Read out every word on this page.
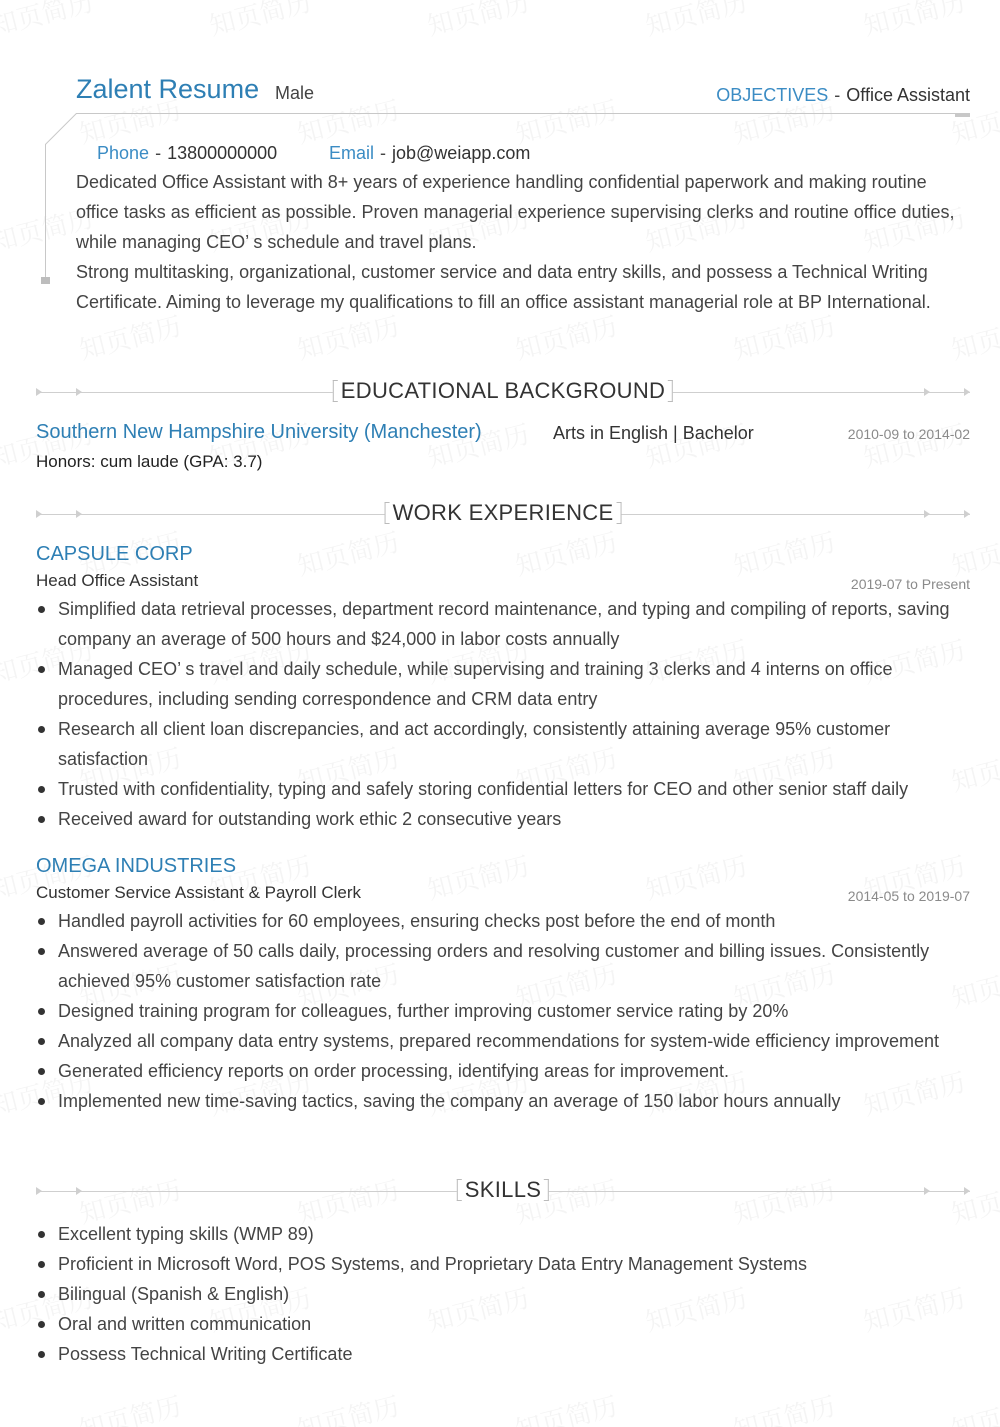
Zalent Resume Male	OBJECTIVES - Office Assistant
Phone - 13800000000	Email - job@weiapp.com

Dedicated Office Assistant with 8+ years of experience handling confidential paperwork and making routine office tasks as efficient as possible. Proven managerial experience supervising clerks and routine office duties, while managing CEO’ s schedule and travel plans.

Strong multitasking, organizational, customer service and data entry skills, and possess a Technical Writing Certificate. Aiming to leverage my qualifications to fill an office assistant managerial role at BP International.

EDUCATIONAL BACKGROUND
Southern New Hampshire University (Manchester)	Arts in English | Bachelor	2010-09 to 2014-02
Honors: cum laude (GPA: 3.7)
WORK EXPERIENCE
CAPSULE CORP
Head Office Assistant	2019-07 to Present
Simplified data retrieval processes, department record maintenance, and typing and compiling of reports, saving company an average of 500 hours and $24,000 in labor costs annually
Managed CEO’ s travel and daily schedule, while supervising and training 3 clerks and 4 interns on office procedures, including sending correspondence and CRM data entry
Research all client loan discrepancies, and act accordingly, consistently attaining average 95% customer satisfaction
Trusted with confidentiality, typing and safely storing confidential letters for CEO and other senior staff daily
Received award for outstanding work ethic 2 consecutive years
OMEGA INDUSTRIES
Customer Service Assistant & Payroll Clerk	2014-05 to 2019-07
Handled payroll activities for 60 employees, ensuring checks post before the end of month
Answered average of 50 calls daily, processing orders and resolving customer and billing issues. Consistently achieved 95% customer satisfaction rate
Designed training program for colleagues, further improving customer service rating by 20%
Analyzed all company data entry systems, prepared recommendations for system-wide efficiency improvement
Generated efficiency reports on order processing, identifying areas for improvement.
Implemented new time-saving tactics, saving the company an average of 150 labor hours annually
SKILLS
Excellent typing skills (WMP 89)
Proficient in Microsoft Word, POS Systems, and Proprietary Data Entry Management Systems
Bilingual (Spanish & English)
Oral and written communication
Possess Technical Writing Certificate
